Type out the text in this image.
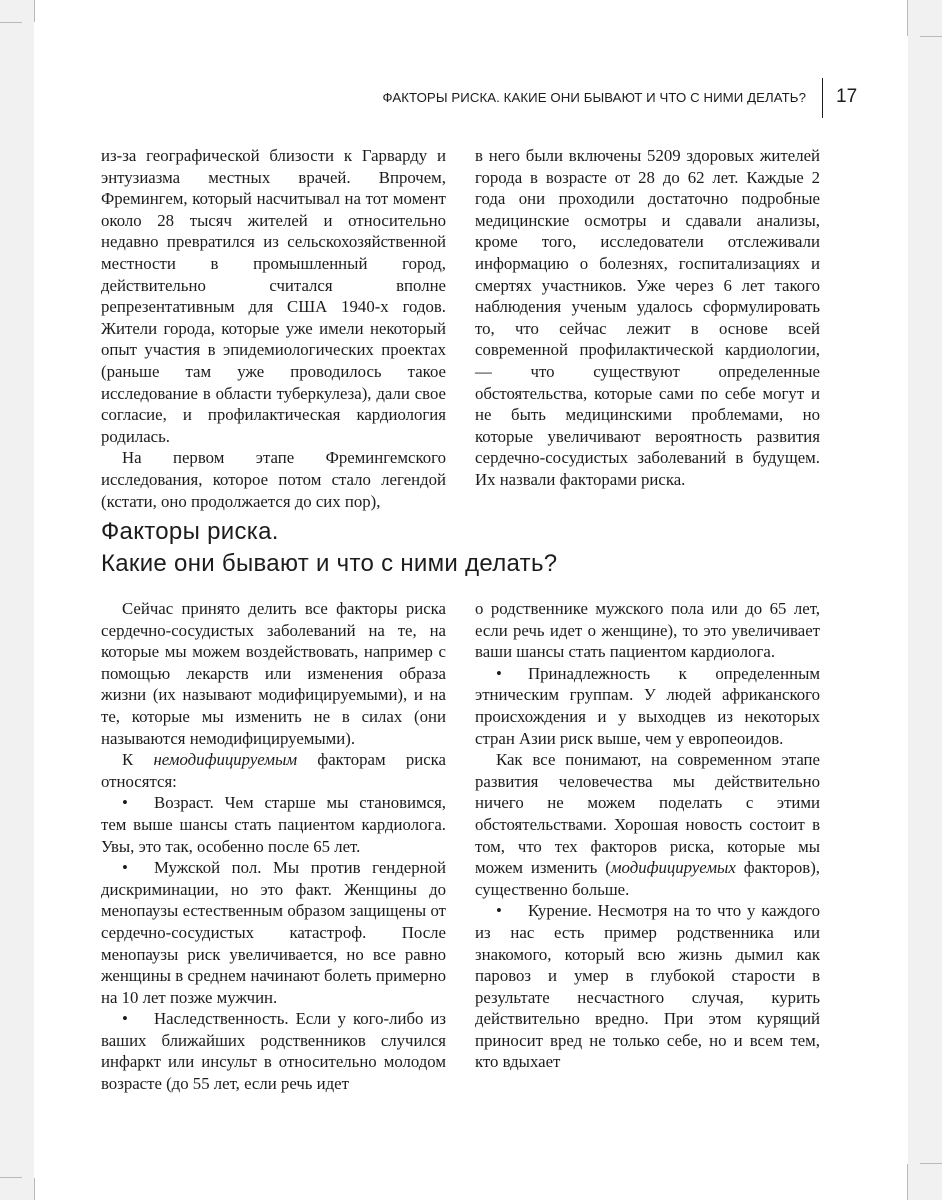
ФАКТОРЫ РИСКА. КАКИЕ ОНИ БЫВАЮТ И ЧТО С НИМИ ДЕЛАТЬ? 17

из-за географической близости к Гарварду и энтузиазма местных врачей. Впрочем, Фремингем, который насчитывал на тот момент около 28 тысяч жителей и относительно недавно превратился из сельскохозяйственной местности в промышленный город, действительно считался вполне репрезентативным для США 1940-х годов. Жители города, которые уже имели некоторый опыт участия в эпидемиологических проектах (раньше там уже проводилось такое исследование в области туберкулеза), дали свое согласие, и профилактическая кардиология родилась.

На первом этапе Фремингемского исследования, которое потом стало легендой (кстати, оно продолжается до сих пор),

в него были включены 5209 здоровых жителей города в возрасте от 28 до 62 лет. Каждые 2 года они проходили достаточно подробные медицинские осмотры и сдавали анализы, кроме того, исследователи отслеживали информацию о болезнях, госпитализациях и смертях участников. Уже через 6 лет такого наблюдения ученым удалось сформулировать то, что сейчас лежит в основе всей современной профилактической кардиологии, — что существуют определенные обстоятельства, которые сами по себе могут и не быть медицинскими проблемами, но которые увеличивают вероятность развития сердечно-сосудистых заболеваний в будущем. Их назвали факторами риска.

Факторы риска.
Какие они бывают и что с ними делать?

Сейчас принято делить все факторы риска сердечно-сосудистых заболеваний на те, на которые мы можем воздействовать, например с помощью лекарств или изменения образа жизни (их называют модифицируемыми), и на те, которые мы изменить не в силах (они называются немодифицируемыми).

К немодифицируемым факторам риска относятся:

• Возраст. Чем старше мы становимся, тем выше шансы стать пациентом кардиолога. Увы, это так, особенно после 65 лет.

• Мужской пол. Мы против гендерной дискриминации, но это факт. Женщины до менопаузы естественным образом защищены от сердечно-сосудистых катастроф. После менопаузы риск увеличивается, но все равно женщины в среднем начинают болеть примерно на 10 лет позже мужчин.

• Наследственность. Если у кого-либо из ваших ближайших родственников случился инфаркт или инсульт в относительно молодом возрасте (до 55 лет, если речь идет

о родственнике мужского пола или до 65 лет, если речь идет о женщине), то это увеличивает ваши шансы стать пациентом кардиолога.

• Принадлежность к определенным этническим группам. У людей африканского происхождения и у выходцев из некоторых стран Азии риск выше, чем у европеоидов.

Как все понимают, на современном этапе развития человечества мы действительно ничего не можем поделать с этими обстоятельствами. Хорошая новость состоит в том, что тех факторов риска, которые мы можем изменить (модифицируемых факторов), существенно больше.

• Курение. Несмотря на то что у каждого из нас есть пример родственника или знакомого, который всю жизнь дымил как паровоз и умер в глубокой старости в результате несчастного случая, курить действительно вредно. При этом курящий приносит вред не только себе, но и всем тем, кто вдыхает
